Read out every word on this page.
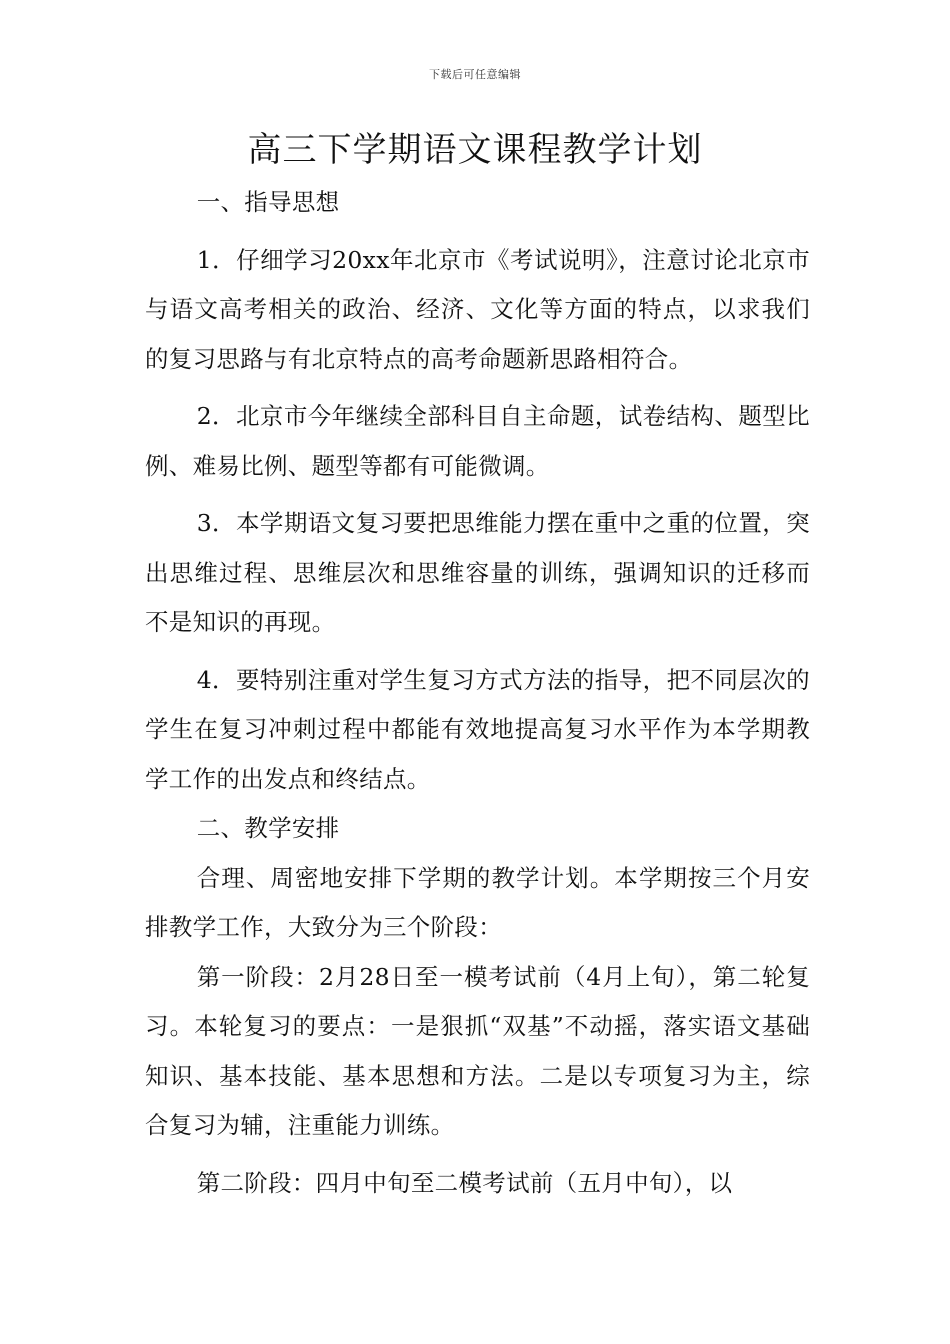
下载后可任意编辑
高三下学期语文课程教学计划

一、指导思想

1．仔细学习20xx年北京市《考试说明》，注意讨论北京市与语文高考相关的政治、经济、文化等方面的特点，以求我们的复习思路与有北京特点的高考命题新思路相符合。

2．北京市今年继续全部科目自主命题，试卷结构、题型比例、难易比例、题型等都有可能微调。

3．本学期语文复习要把思维能力摆在重中之重的位置，突出思维过程、思维层次和思维容量的训练，强调知识的迁移而不是知识的再现。

4．要特别注重对学生复习方式方法的指导，把不同层次的学生在复习冲刺过程中都能有效地提高复习水平作为本学期教学工作的出发点和终结点。

二、教学安排

合理、周密地安排下学期的教学计划。本学期按三个月安排教学工作，大致分为三个阶段：

第一阶段：2月28日至一模考试前（4月上旬），第二轮复习。本轮复习的要点：一是狠抓“双基”不动摇，落实语文基础知识、基本技能、基本思想和方法。二是以专项复习为主，综合复习为辅，注重能力训练。

第二阶段：四月中旬至二模考试前（五月中旬），以
